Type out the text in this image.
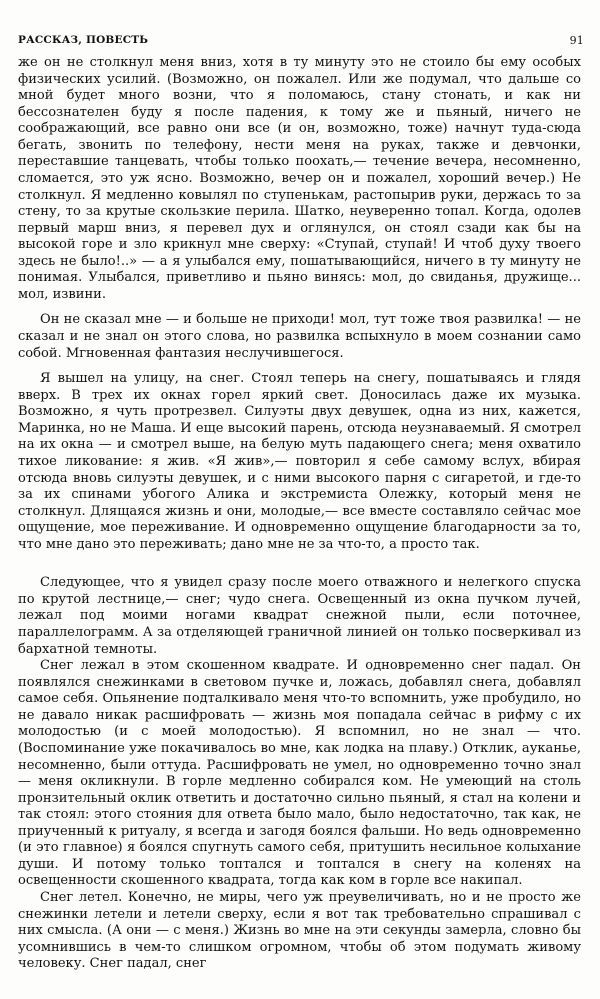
РАССКАЗ, ПОВЕСТЬ	91

же он не столкнул меня вниз, хотя в ту минуту это не стоило бы ему особых физических усилий. (Возможно, он пожалел. Или же подумал, что дальше со мной будет много возни, что я поломаюсь, стану стонать, и как ни бессознателен буду я после падения, к тому же и пьяный, ничего не соображающий, все равно они все (и он, возможно, тоже) начнут туда-сюда бегать, звонить по телефону, нести меня на руках, также и девчонки, переставшие танцевать, чтобы только поохать,— течение вечера, несомненно, сломается, это уж ясно. Возможно, вечер он и пожалел, хороший вечер.) Не столкнул. Я медленно ковылял по ступенькам, растопырив руки, держась то за стену, то за крутые скользкие перила. Шатко, неуверенно топал. Когда, одолев первый марш вниз, я перевел дух и оглянулся, он стоял сзади как бы на высокой горе и зло крикнул мне сверху: «Ступай, ступай! И чтоб духу твоего здесь не было!..» — а я улыбался ему, пошатывающийся, ничего в ту минуту не понимая. Улыбался, приветливо и пьяно винясь: мол, до свиданья, дружище... мол, извини.

Он не сказал мне — и больше не приходи! мол, тут тоже твоя развилка! — не сказал и не знал он этого слова, но развилка вспыхнуло в моем сознании само собой. Мгновенная фантазия неслучившегося.

Я вышел на улицу, на снег. Стоял теперь на снегу, пошатываясь и глядя вверх. В трех их окнах горел яркий свет. Доносилась даже их музыка. Возможно, я чуть протрезвел. Силуэты двух девушек, одна из них, кажется, Маринка, но не Маша. И еще высокий парень, отсюда неузнаваемый. Я смотрел на их окна — и смотрел выше, на белую муть падающего снега; меня охватило тихое ликование: я жив. «Я жив»,— повторил я себе самому вслух, вбирая отсюда вновь силуэты девушек, и с ними высокого парня с сигаретой, и где-то за их спинами убогого Алика и экстремиста Олежку, который меня не столкнул. Длящаяся жизнь и они, молодые,— все вместе составляло сейчас мое ощущение, мое переживание. И одновременно ощущение благодарности за то, что мне дано это переживать; дано мне не за что-то, а просто так.

Следующее, что я увидел сразу после моего отважного и нелегкого спуска по крутой лестнице,— снег; чудо снега. Освещенный из окна пучком лучей, лежал под моими ногами квадрат снежной пыли, если поточнее, параллелограмм. А за отделяющей граничной линией он только посверкивал из бархатной темноты.

Снег лежал в этом скошенном квадрате. И одновременно снег падал. Он появлялся снежинками в световом пучке и, ложась, добавлял снега, добавлял самое себя. Опьянение подталкивало меня что-то вспомнить, уже пробудило, но не давало никак расшифровать — жизнь моя попадала сейчас в рифму с их молодостью (и с моей молодостью). Я вспомнил, но не знал — что. (Воспоминание уже покачивалось во мне, как лодка на плаву.) Отклик, ауканье, несомненно, были оттуда. Расшифровать не умел, но одновременно точно знал — меня окликнули. В горле медленно собирался ком. Не умеющий на столь пронзительный оклик ответить и достаточно сильно пьяный, я стал на колени и так стоял: этого стояния для ответа было мало, было недостаточно, так как, не приученный к ритуалу, я всегда и загодя боялся фальши. Но ведь одновременно (и это главное) я боялся спугнуть самого себя, притушить несильное колыхание души. И потому только топтался и топтался в снегу на коленях на освещенности скошенного квадрата, тогда как ком в горле все накипал.

Снег летел. Конечно, не миры, чего уж преувеличивать, но и не просто же снежинки летели и летели сверху, если я вот так требовательно спрашивал с них смысла. (А они — с меня.) Жизнь во мне на эти секунды замерла, словно бы усомнившись в чем-то слишком огромном, чтобы об этом подумать живому человеку. Снег падал, снег
